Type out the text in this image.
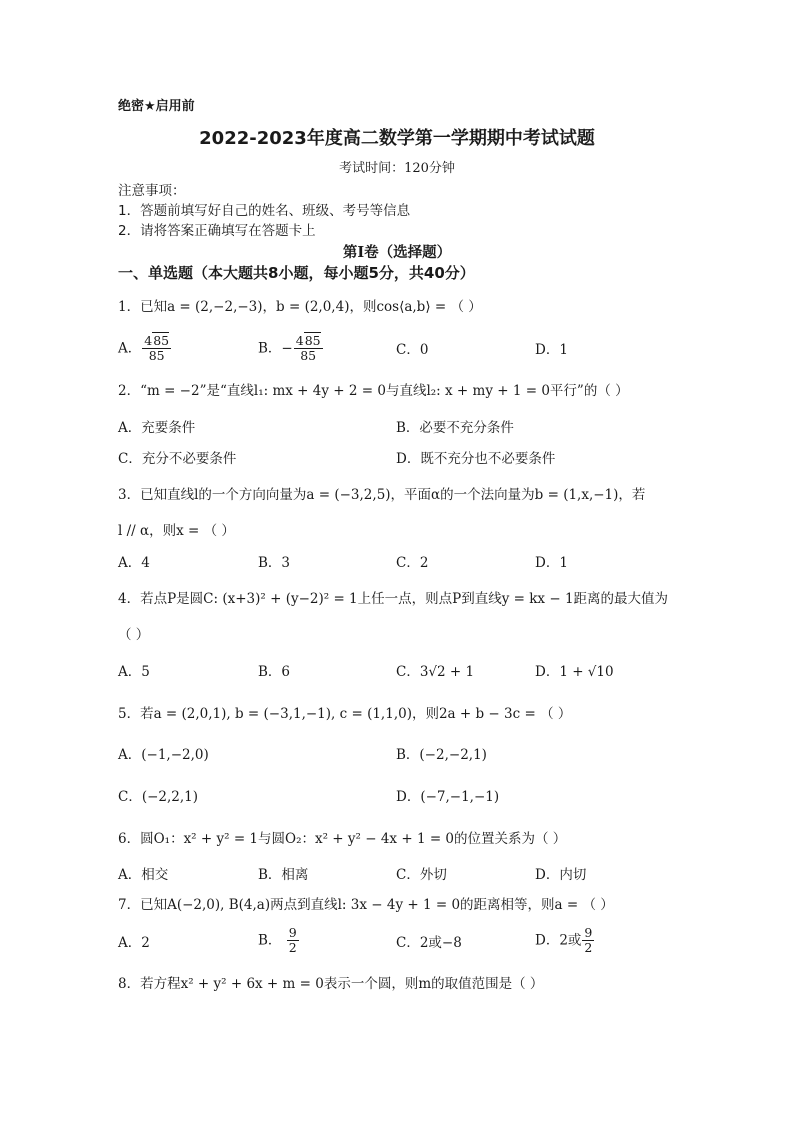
绝密★启用前
2022-2023年度高二数学第一学期期中考试试题
考试时间：120分钟
注意事项：
1．答题前填写好自己的姓名、班级、考号等信息
2．请将答案正确填写在答题卡上
第I卷（选择题）
一、单选题（本大题共8小题，每小题5分，共40分）
1．已知a = (2,−2,−3)，b = (2,0,4)，则cos⟨a,b⟩ = （ ）
A． $\frac{485}{85}$	B．− $\frac{485}{85}$	C．0	D．1
2．“m = −2”是“直线l₁: mx + 4y + 2 = 0与直线l₂: x + my + 1 = 0平行”的（ ）
A．充要条件	B．必要不充分条件
C．充分不必要条件	D．既不充分也不必要条件
3．已知直线l的一个方向向量为a = (−3,2,5)，平面α的一个法向量为b = (1,x,−1)，若
l // α，则x = （ ）
A．4	B．3	C．2	D．1
4．若点P是圆C: (x+3)² + (y−2)² = 1上任一点，则点P到直线y = kx − 1距离的最大值为
（ ）
A．5	B．6	C．3√2 + 1	D．1 + √10
5．若a = (2,0,1), b = (−3,1,−1), c = (1,1,0)，则2a + b − 3c = （ ）
A．(−1,−2,0)	B．(−2,−2,1)
C．(−2,2,1)	D．(−7,−1,−1)
6．圆O₁：x² + y² = 1与圆O₂：x² + y² − 4x + 1 = 0的位置关系为（ ）
A．相交	B．相离	C．外切	D．内切
7．已知A(−2,0), B(4,a)两点到直线l: 3x − 4y + 1 = 0的距离相等，则a = （ ）
A．2	B． $\frac{9}{2}$	C．2或−8	D．2或 $\frac{9}{2}$
8．若方程x² + y² + 6x + m = 0表示一个圆，则m的取值范围是（ ）
